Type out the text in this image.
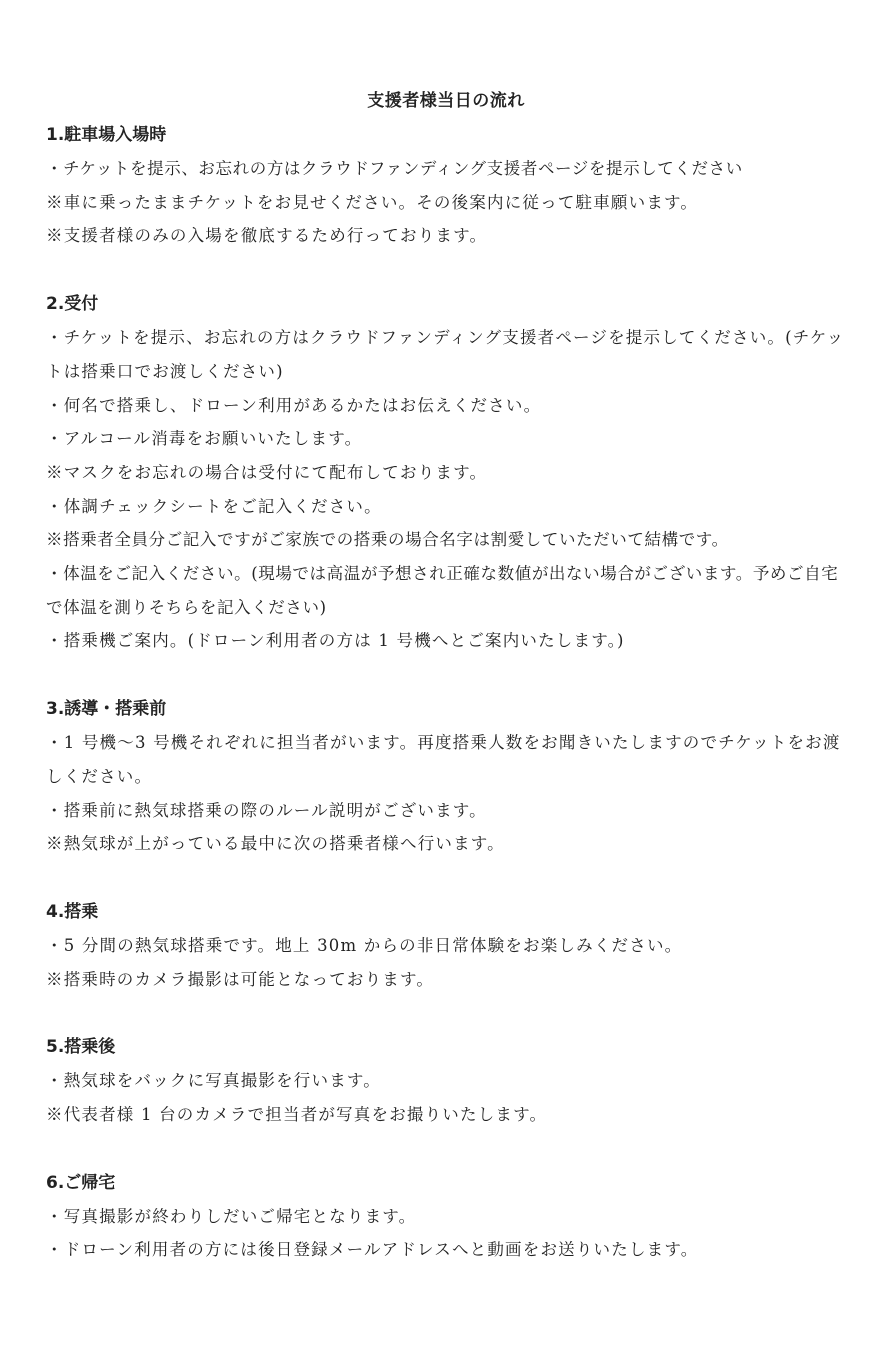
支援者様当日の流れ
1.駐車場入場時

・チケットを提示、お忘れの方はクラウドファンディング支援者ページを提示してください

※車に乗ったままチケットをお見せください。その後案内に従って駐車願います。

※支援者様のみの入場を徹底するため行っております。

2.受付

・チケットを提示、お忘れの方はクラウドファンディング支援者ページを提示してください。(チケットは搭乗口でお渡しください)

・何名で搭乗し、ドローン利用があるかたはお伝えください。

・アルコール消毒をお願いいたします。

※マスクをお忘れの場合は受付にて配布しております。

・体調チェックシートをご記入ください。

※搭乗者全員分ご記入ですがご家族での搭乗の場合名字は割愛していただいて結構です。

・体温をご記入ください。(現場では高温が予想され正確な数値が出ない場合がございます。予めご自宅で体温を測りそちらを記入ください)

・搭乗機ご案内。(ドローン利用者の方は 1 号機へとご案内いたします。)

3.誘導・搭乗前

・1 号機〜3 号機それぞれに担当者がいます。再度搭乗人数をお聞きいたしますのでチケットをお渡しください。

・搭乗前に熱気球搭乗の際のルール説明がございます。

※熱気球が上がっている最中に次の搭乗者様へ行います。

4.搭乗

・5 分間の熱気球搭乗です。地上 30m からの非日常体験をお楽しみください。

※搭乗時のカメラ撮影は可能となっております。

5.搭乗後

・熱気球をバックに写真撮影を行います。

※代表者様 1 台のカメラで担当者が写真をお撮りいたします。

6.ご帰宅

・写真撮影が終わりしだいご帰宅となります。

・ドローン利用者の方には後日登録メールアドレスへと動画をお送りいたします。
